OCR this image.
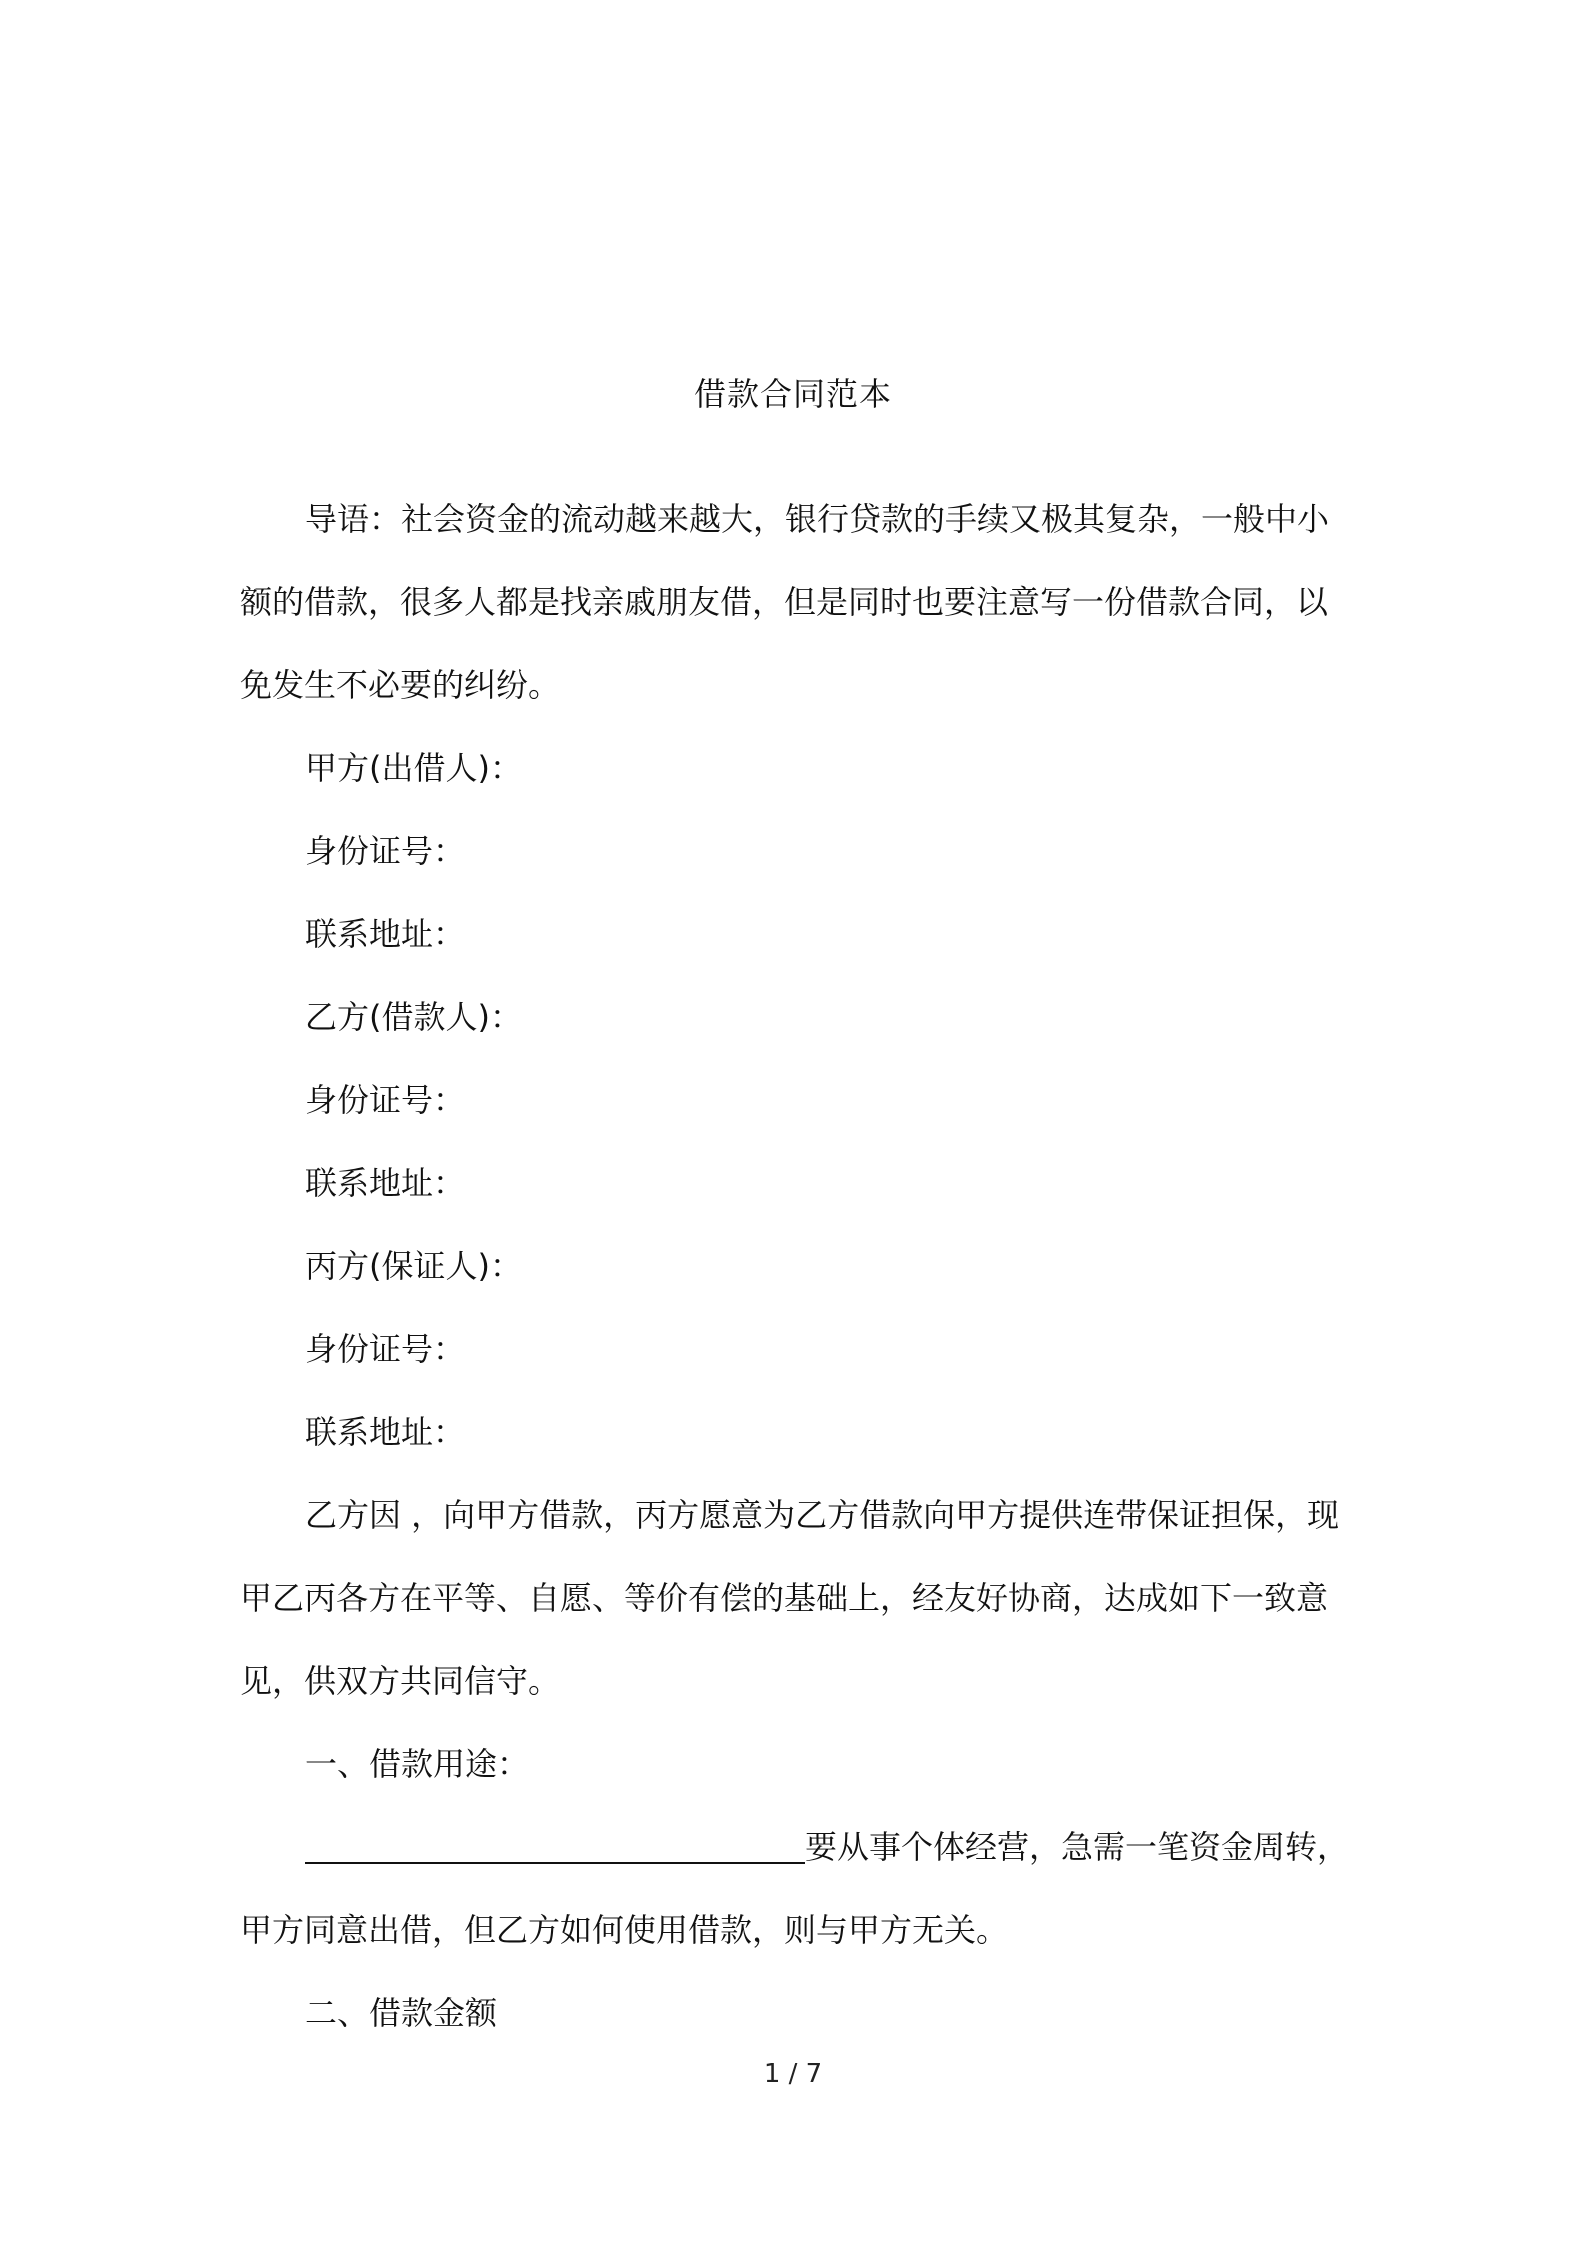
借款合同范本

导语：社会资金的流动越来越大，银行贷款的手续又极其复杂，一般中小额的借款，很多人都是找亲戚朋友借，但是同时也要注意写一份借款合同，以免发生不必要的纠纷。

甲方(出借人)：

身份证号：

联系地址：

乙方(借款人)：

身份证号：

联系地址：

丙方(保证人)：

身份证号：

联系地址：

乙方因 ，向甲方借款，丙方愿意为乙方借款向甲方提供连带保证担保，现甲乙丙各方在平等、自愿、等价有偿的基础上，经友好协商，达成如下一致意见，供双方共同信守。

一、借款用途：

要从事个体经营，急需一笔资金周转，

甲方同意出借，但乙方如何使用借款，则与甲方无关。

二、借款金额

1 / 7
